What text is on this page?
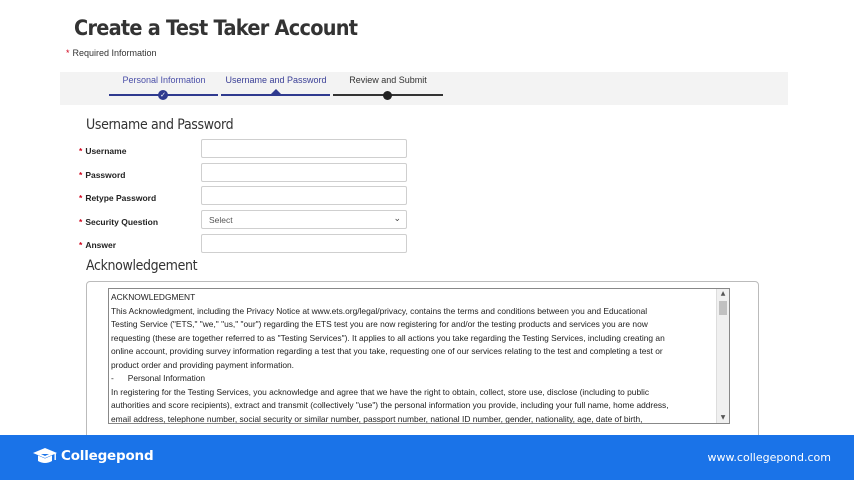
Create a Test Taker Account
* Required Information
Personal Information	Username and Password	Review and Submit
✓
Username and Password
* Username
* Password
* Retype Password
* Security Question	Select	⌄
* Answer
Acknowledgement
ACKNOWLEDGMENT
This Acknowledgment, including the Privacy Notice at www.ets.org/legal/privacy, contains the terms and conditions between you and Educational
Testing Service ("ETS," "we," "us," "our") regarding the ETS test you are now registering for and/or the testing products and services you are now
requesting (these are together referred to as "Testing Services"). It applies to all actions you take regarding the Testing Services, including creating an
online account, providing survey information regarding a test that you take, requesting one of our services relating to the test and completing a test or
product order and providing payment information.
- Personal Information
In registering for the Testing Services, you acknowledge and agree that we have the right to obtain, collect, store use, disclose (including to public
authorities and score recipients), extract and transmit (collectively "use") the personal information you provide, including your full name, home address,
email address, telephone number, social security or similar number, passport number, national ID number, gender, nationality, age, date of birth,
▲
▼
Collegepond	www.collegepond.com
